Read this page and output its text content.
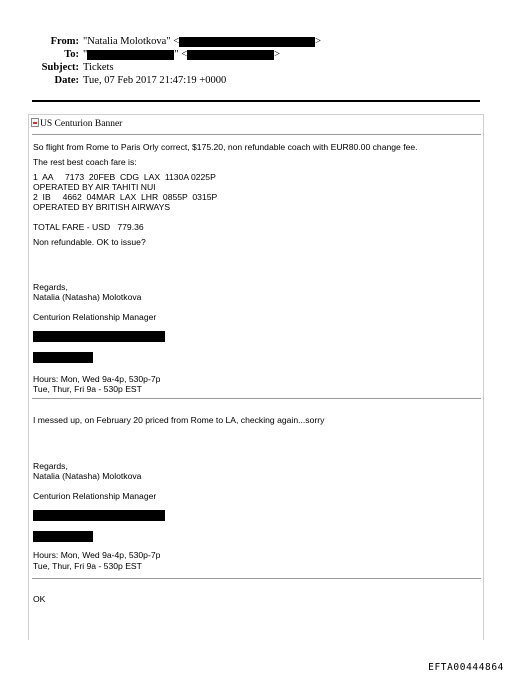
From: "Natalia Molotkova" <	>
To: "	" <	>
Subject: Tickets
Date: Tue, 07 Feb 2017 21:47:19 +0000
US Centurion Banner
So flight from Rome to Paris Orly correct, $175.20, non refundable coach with EUR80.00 change fee.
The rest best coach fare is:
1  AA     7173  20FEB  CDG  LAX  1130A 0225P
OPERATED BY AIR TAHITI NUI
2  IB     4662  04MAR  LAX  LHR  0855P  0315P
OPERATED BY BRITISH AIRWAYS
TOTAL FARE - USD   779.36
Non refundable. OK to issue?
Regards,
Natalia (Natasha) Molotkova
Centurion Relationship Manager
Hours: Mon, Wed 9a-4p, 530p-7p
Tue, Thur, Fri 9a - 530p EST
I messed up, on February 20 priced from Rome to LA, checking again...sorry
Regards,
Natalia (Natasha) Molotkova
Centurion Relationship Manager
Hours: Mon, Wed 9a-4p, 530p-7p
Tue, Thur, Fri 9a - 530p EST
OK
EFTA00444864
